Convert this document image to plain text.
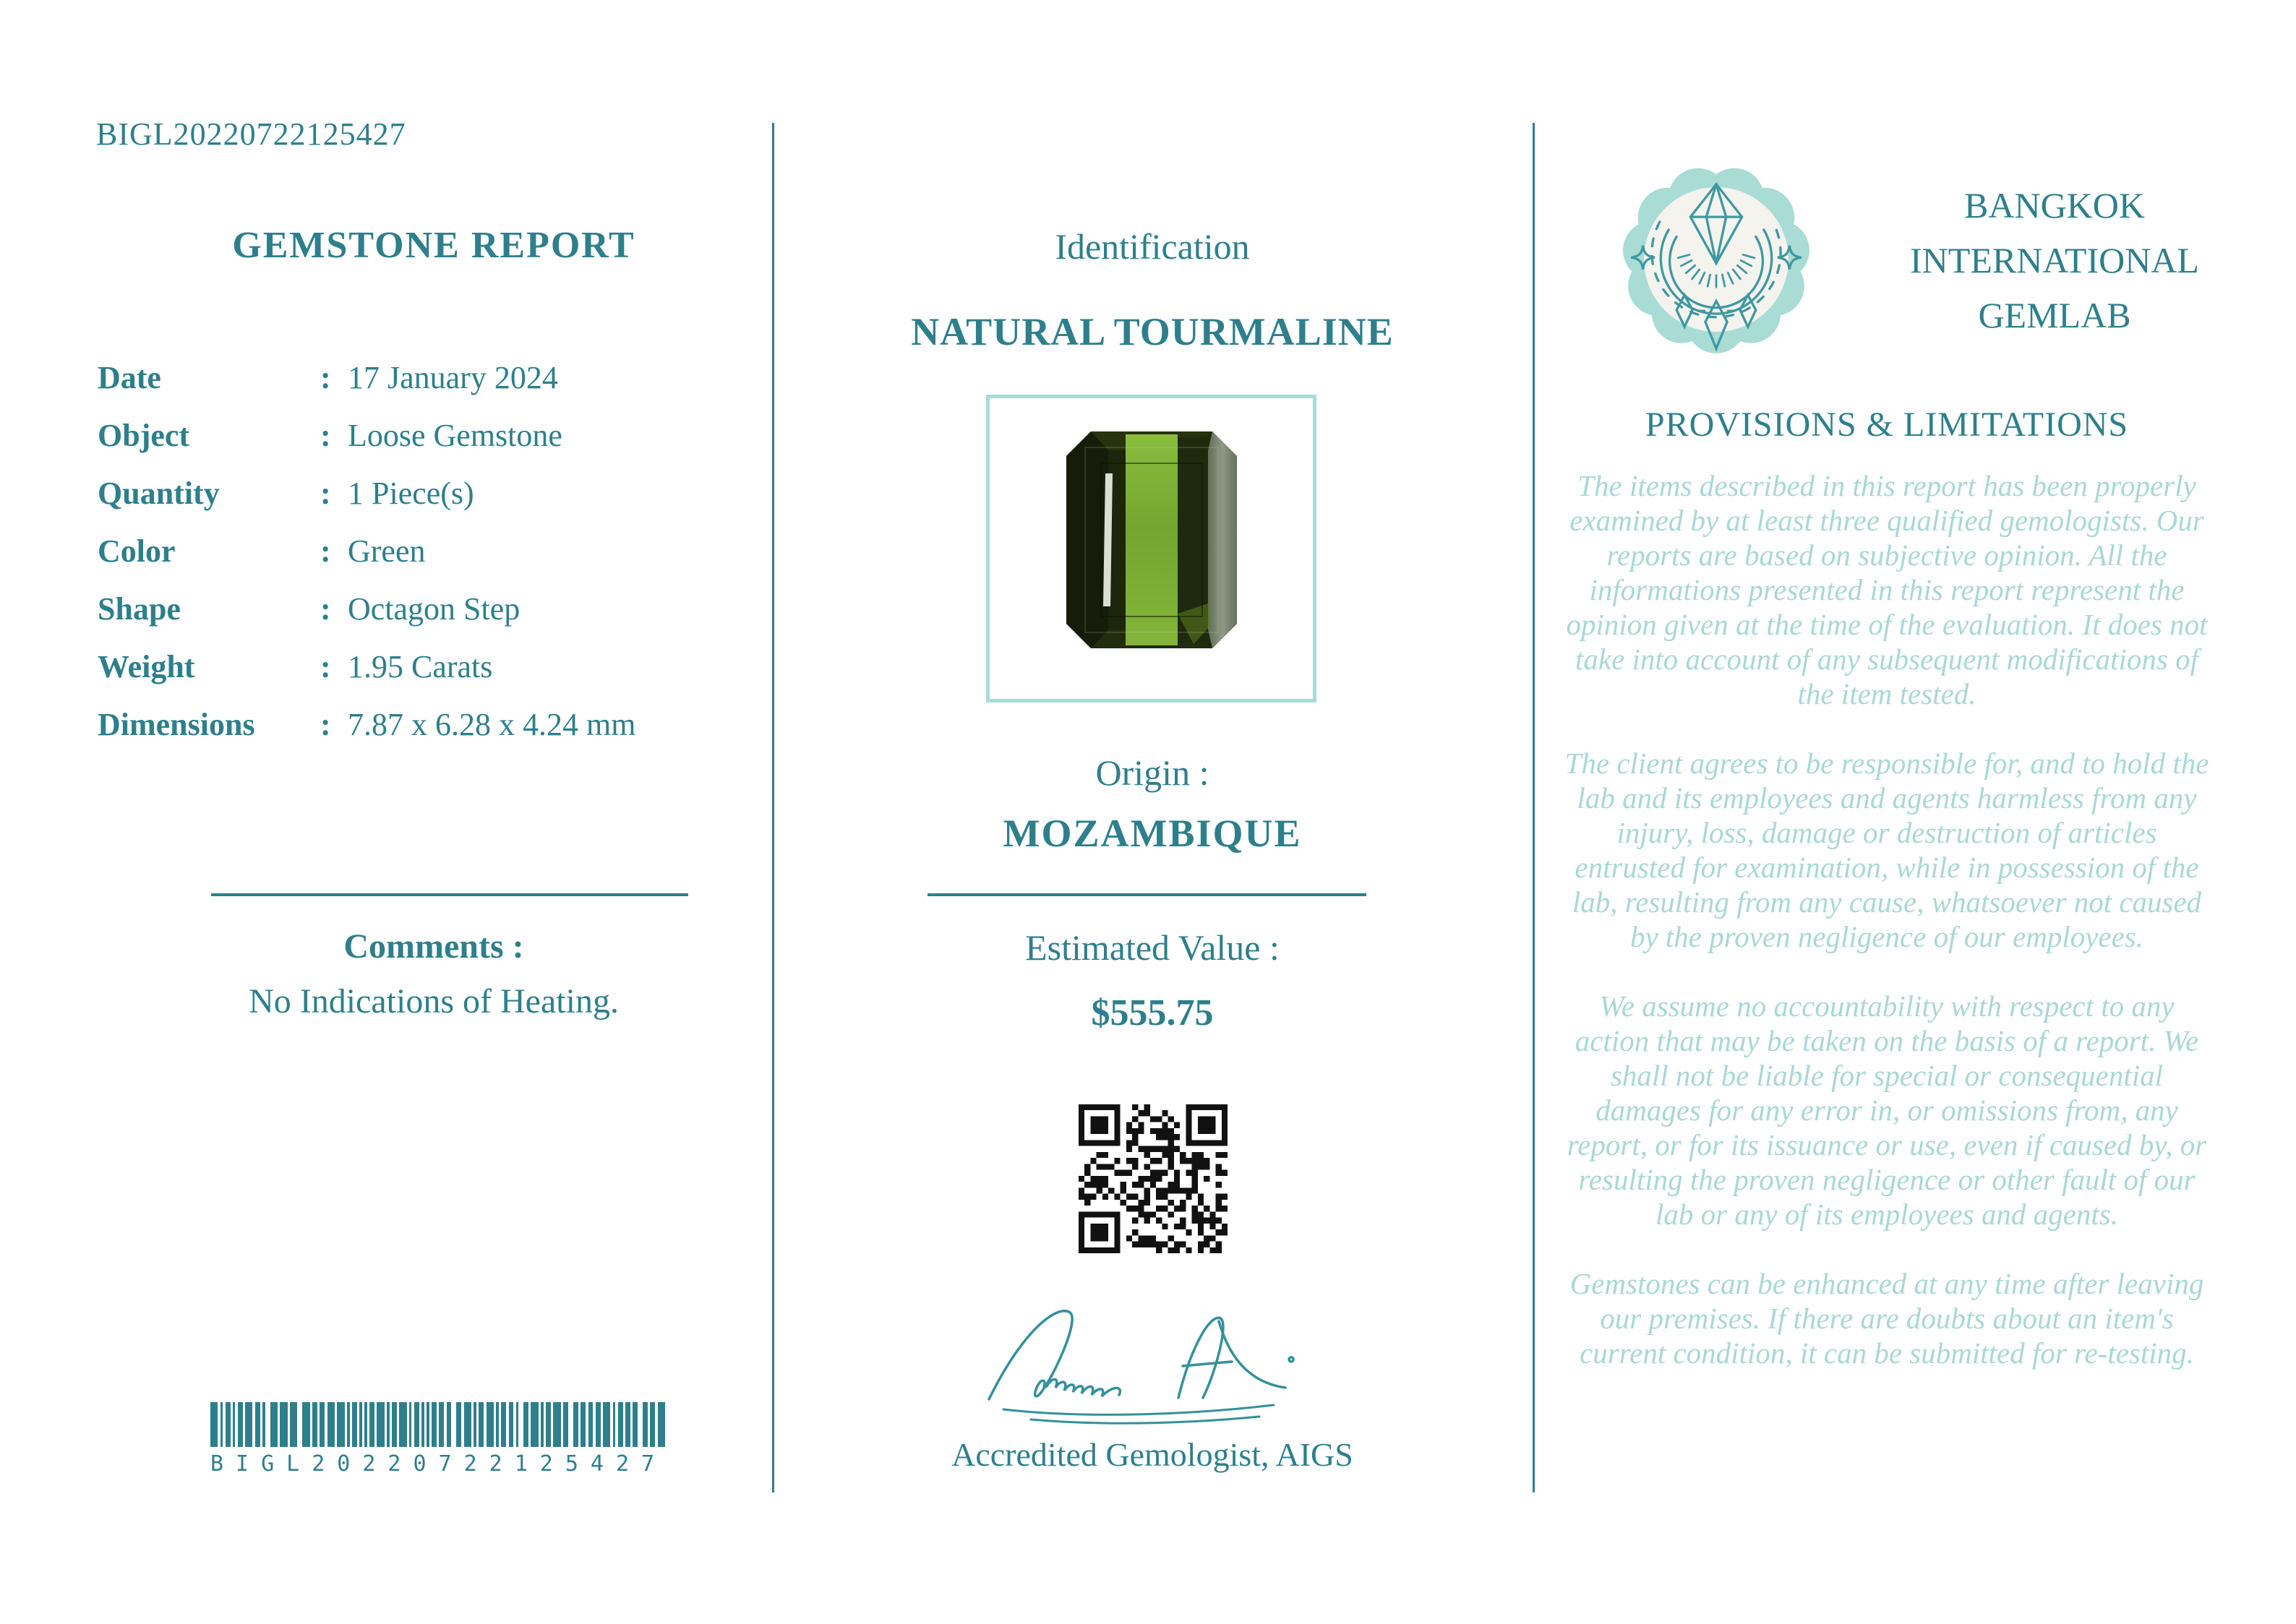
BIGL20220722125427
GEMSTONE REPORT
Date	: 17 January 2024
Object	: Loose Gemstone
Quantity	: 1 Piece(s)
Color	: Green
Shape	: Octagon Step
Weight	: 1.95 Carats
Dimensions	: 7.87 x 6.28 x 4.24 mm
Comments :
No Indications of Heating.
BIGL20220722125427
Identification
NATURAL TOURMALINE
Origin :
MOZAMBIQUE
Estimated Value :
$555.75
Accredited Gemologist, AIGS
BANGKOK
INTERNATIONAL
GEMLAB
PROVISIONS & LIMITATIONS

The items described in this report has been properly examined by at least three qualified gemologists. Our reports are based on subjective opinion. All the informations presented in this report represent the opinion given at the time of the evaluation. It does not take into account of any subsequent modifications of the item tested.

The client agrees to be responsible for, and to hold the lab and its employees and agents harmless from any injury, loss, damage or destruction of articles entrusted for examination, while in possession of the lab, resulting from any cause, whatsoever not caused by the proven negligence of our employees.

We assume no accountability with respect to any action that may be taken on the basis of a report. We shall not be liable for special or consequential damages for any error in, or omissions from, any report, or for its issuance or use, even if caused by, or resulting the proven negligence or other fault of our lab or any of its employees and agents.

Gemstones can be enhanced at any time after leaving our premises. If there are doubts about an item's current condition, it can be submitted for re-testing.
